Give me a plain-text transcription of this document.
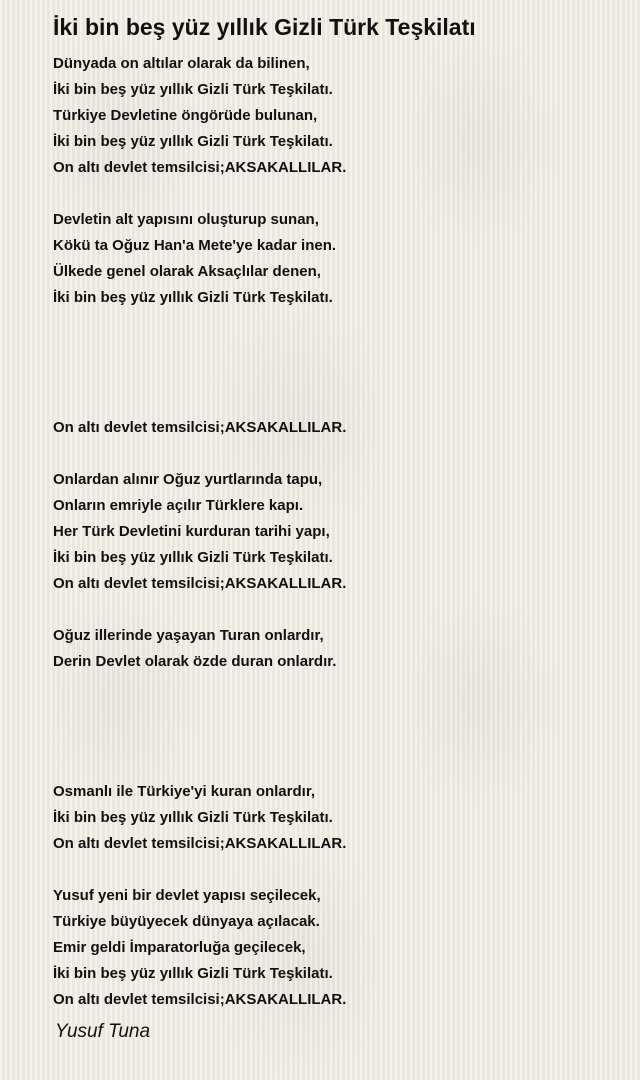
İki bin beş yüz yıllık Gizli Türk Teşkilatı
Dünyada on altılar olarak da bilinen,
İki bin beş yüz yıllık Gizli Türk Teşkilatı.
Türkiye Devletine öngörüde bulunan,
İki bin beş yüz yıllık Gizli Türk Teşkilatı.
On altı devlet temsilcisi;AKSAKALLILAR.
Devletin alt yapısını oluşturup sunan,
Kökü ta Oğuz Han'a Mete'ye kadar inen.
Ülkede genel olarak Aksaçlılar denen,
İki bin beş yüz yıllık Gizli Türk Teşkilatı.
On altı devlet temsilcisi;AKSAKALLILAR.
Onlardan alınır Oğuz yurtlarında tapu,
Onların emriyle açılır Türklere kapı.
Her Türk Devletini kurduran tarihi yapı,
İki bin beş yüz yıllık Gizli Türk Teşkilatı.
On altı devlet temsilcisi;AKSAKALLILAR.
Oğuz illerinde yaşayan Turan onlardır,
Derin Devlet olarak özde duran onlardır.
Osmanlı ile Türkiye'yi kuran onlardır,
İki bin beş yüz yıllık Gizli Türk Teşkilatı.
On altı devlet temsilcisi;AKSAKALLILAR.
Yusuf yeni bir devlet yapısı seçilecek,
Türkiye büyüyecek dünyaya açılacak.
Emir geldi İmparatorluğa geçilecek,
İki bin beş yüz yıllık Gizli Türk Teşkilatı.
On altı devlet temsilcisi;AKSAKALLILAR.
Yusuf Tuna
